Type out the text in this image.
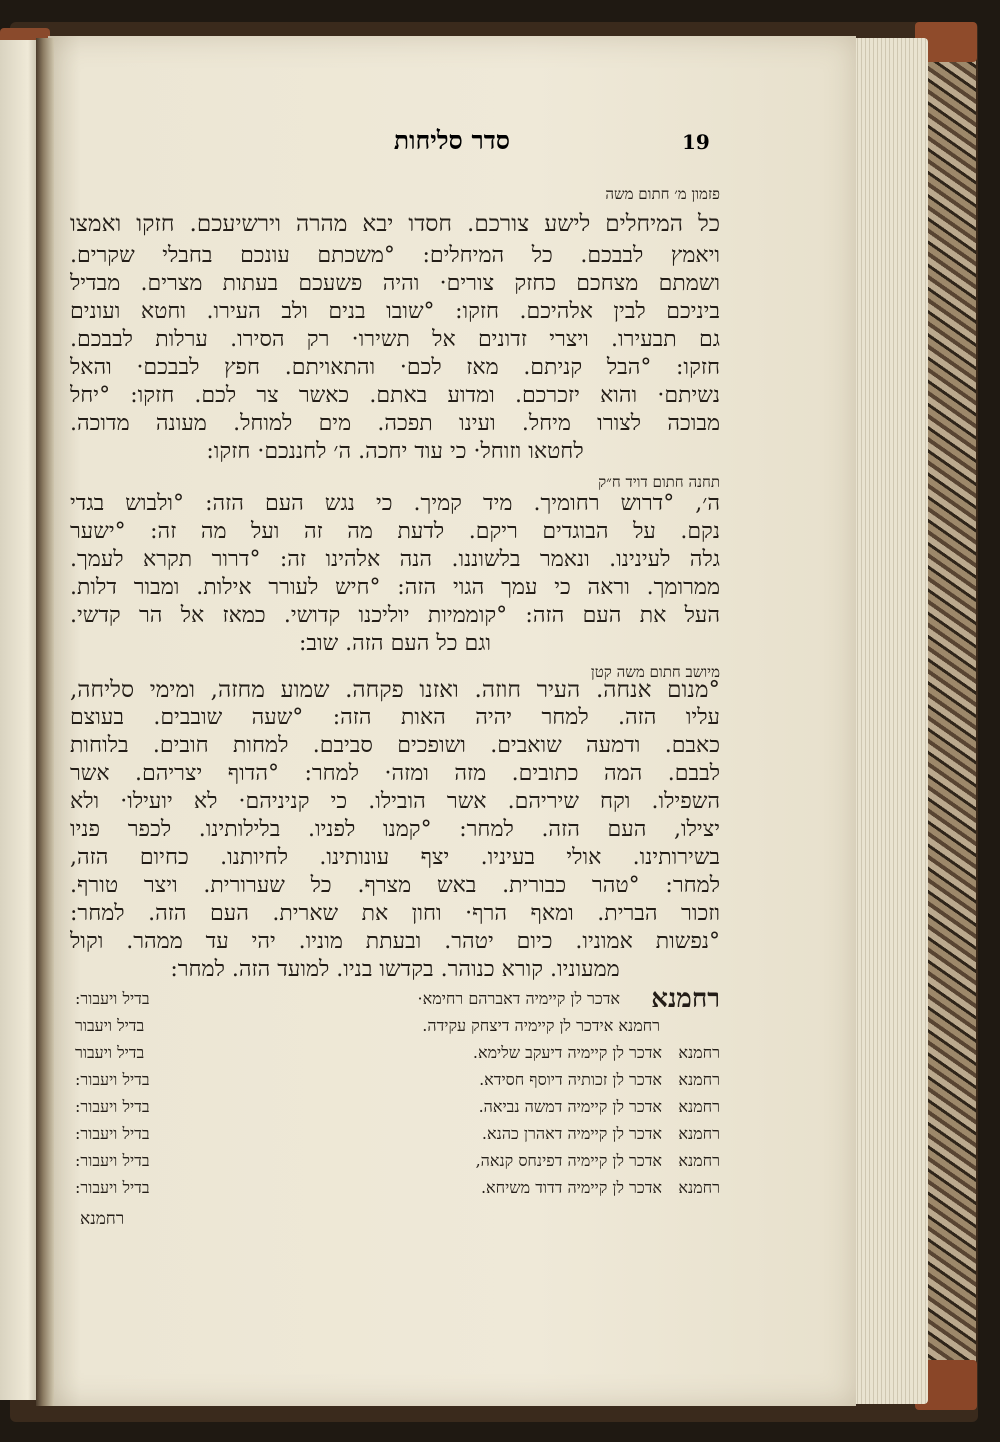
סדר סליחות	19
פזמון מ׳ חתום משה
כל המיחלים לישע צורכם. חסדו יבא מהרה וירשיעכם. חזקו ואמצו
ויאמץ לבבכם. כל המיחלים: °משכתם עונכם בחבלי שקרים.
ושמתם מצחכם כחזק צורים· והיה פשעכם בעתות מצרים. מבדיל
ביניכם לבין אלהיכם. חזקו: °שובו בנים ולב העירו. וחטא ועונים
גם תבעירו. ויצרי זדונים אל תשירו· רק הסירו. ערלות לבבכם.
חזקו: °הבל קניתם. מאז לכם· והתאויתם. חפץ לבבכם· והאל
נשיתם· והוא יזכרכם. ומדוע באתם. כאשר צר לכם. חזקו: °יחל
מבוכה לצורו מיחל. ועינו תפכה. מים למוחל. מעונה מדוכה.
לחטאו וזוחל· כי עוד יחכה. ה׳ לחננכם· חזקו:
תחנה חתום דויד ח״ק
ה׳, °דרוש רחומיך. מיד קמיך. כי נגש העם הזה: °ולבוש בגדי
נקם. על הבוגדים ריקם. לדעת מה זה ועל מה זה: °ישער
גלה לעינינו. ונאמר בלשוננו. הנה אלהינו זה: °דרור תקרא לעמך.
ממרומך. וראה כי עמך הגוי הזה: °חיש לעורר אילות. ומבור דלות.
העל את העם הזה: °קוממיות יוליכנו קדושי. כמאז אל הר קדשי.
וגם כל העם הזה. שוב:
מיושב חתום משה קטן
°מנום אנחה. העיר חוזה. ואזנו פקחה. שמוע מחזה, ומימי סליחה,
עליו הזה. למחר יהיה האות הזה: °שעה שובבים. בעוצם
כאבם. ודמעה שואבים. ושופכים סביבם. למחות חובים. בלוחות
לבבם. המה כתובים. מזה ומזה· למחר: °הדוף יצריהם. אשר
השפילו. וקח שיריהם. אשר הובילו. כי קניניהם· לא יועילו· ולא
יצילו, העם הזה. למחר: °קמנו לפניו. בלילותינו. לכפר פניו
בשירותינו. אולי בעיניו. יצף עונותינו. לחיותנו. כחיום הזה,
למחר: °טהר כבורית. באש מצרף. כל שערורית. ויצר טורף.
וזכור הברית. ומאף הרף· וחון את שארית. העם הזה. למחר:
°נפשות אמוניו. כיום יטהר. ובעתת מוניו. יהי עד ממהר. וקול
ממעוניו. קורא כנוהר. בקדשו בניו. למועד הזה. למחר:
רחמנא
אדכר לן קיימיה דאברהם רחימא·
בדיל ויעבור:
רחמנא אידכר לן קיימיה דיצחק עקידה.
בדיל ויעבור
רחמנא
אדכר לן קיימיה דיעקב שלימא.
בדיל ויעבור
רחמנא
אדכר לן זכותיה דיוסף חסידא.
בדיל ויעבור:
רחמנא
אדכר לן קיימיה דמשה נביאה.
בדיל ויעבור:
רחמנא
אדכר לן קיימיה דאהרן כהנא.
בדיל ויעבור:
רחמנא
אדכר לן קיימיה דפינחס קנאה,
בדיל ויעבור:
רחמנא
אדכר לן קיימיה דדוד משיחא.
בדיל ויעבור:
רחמנא
